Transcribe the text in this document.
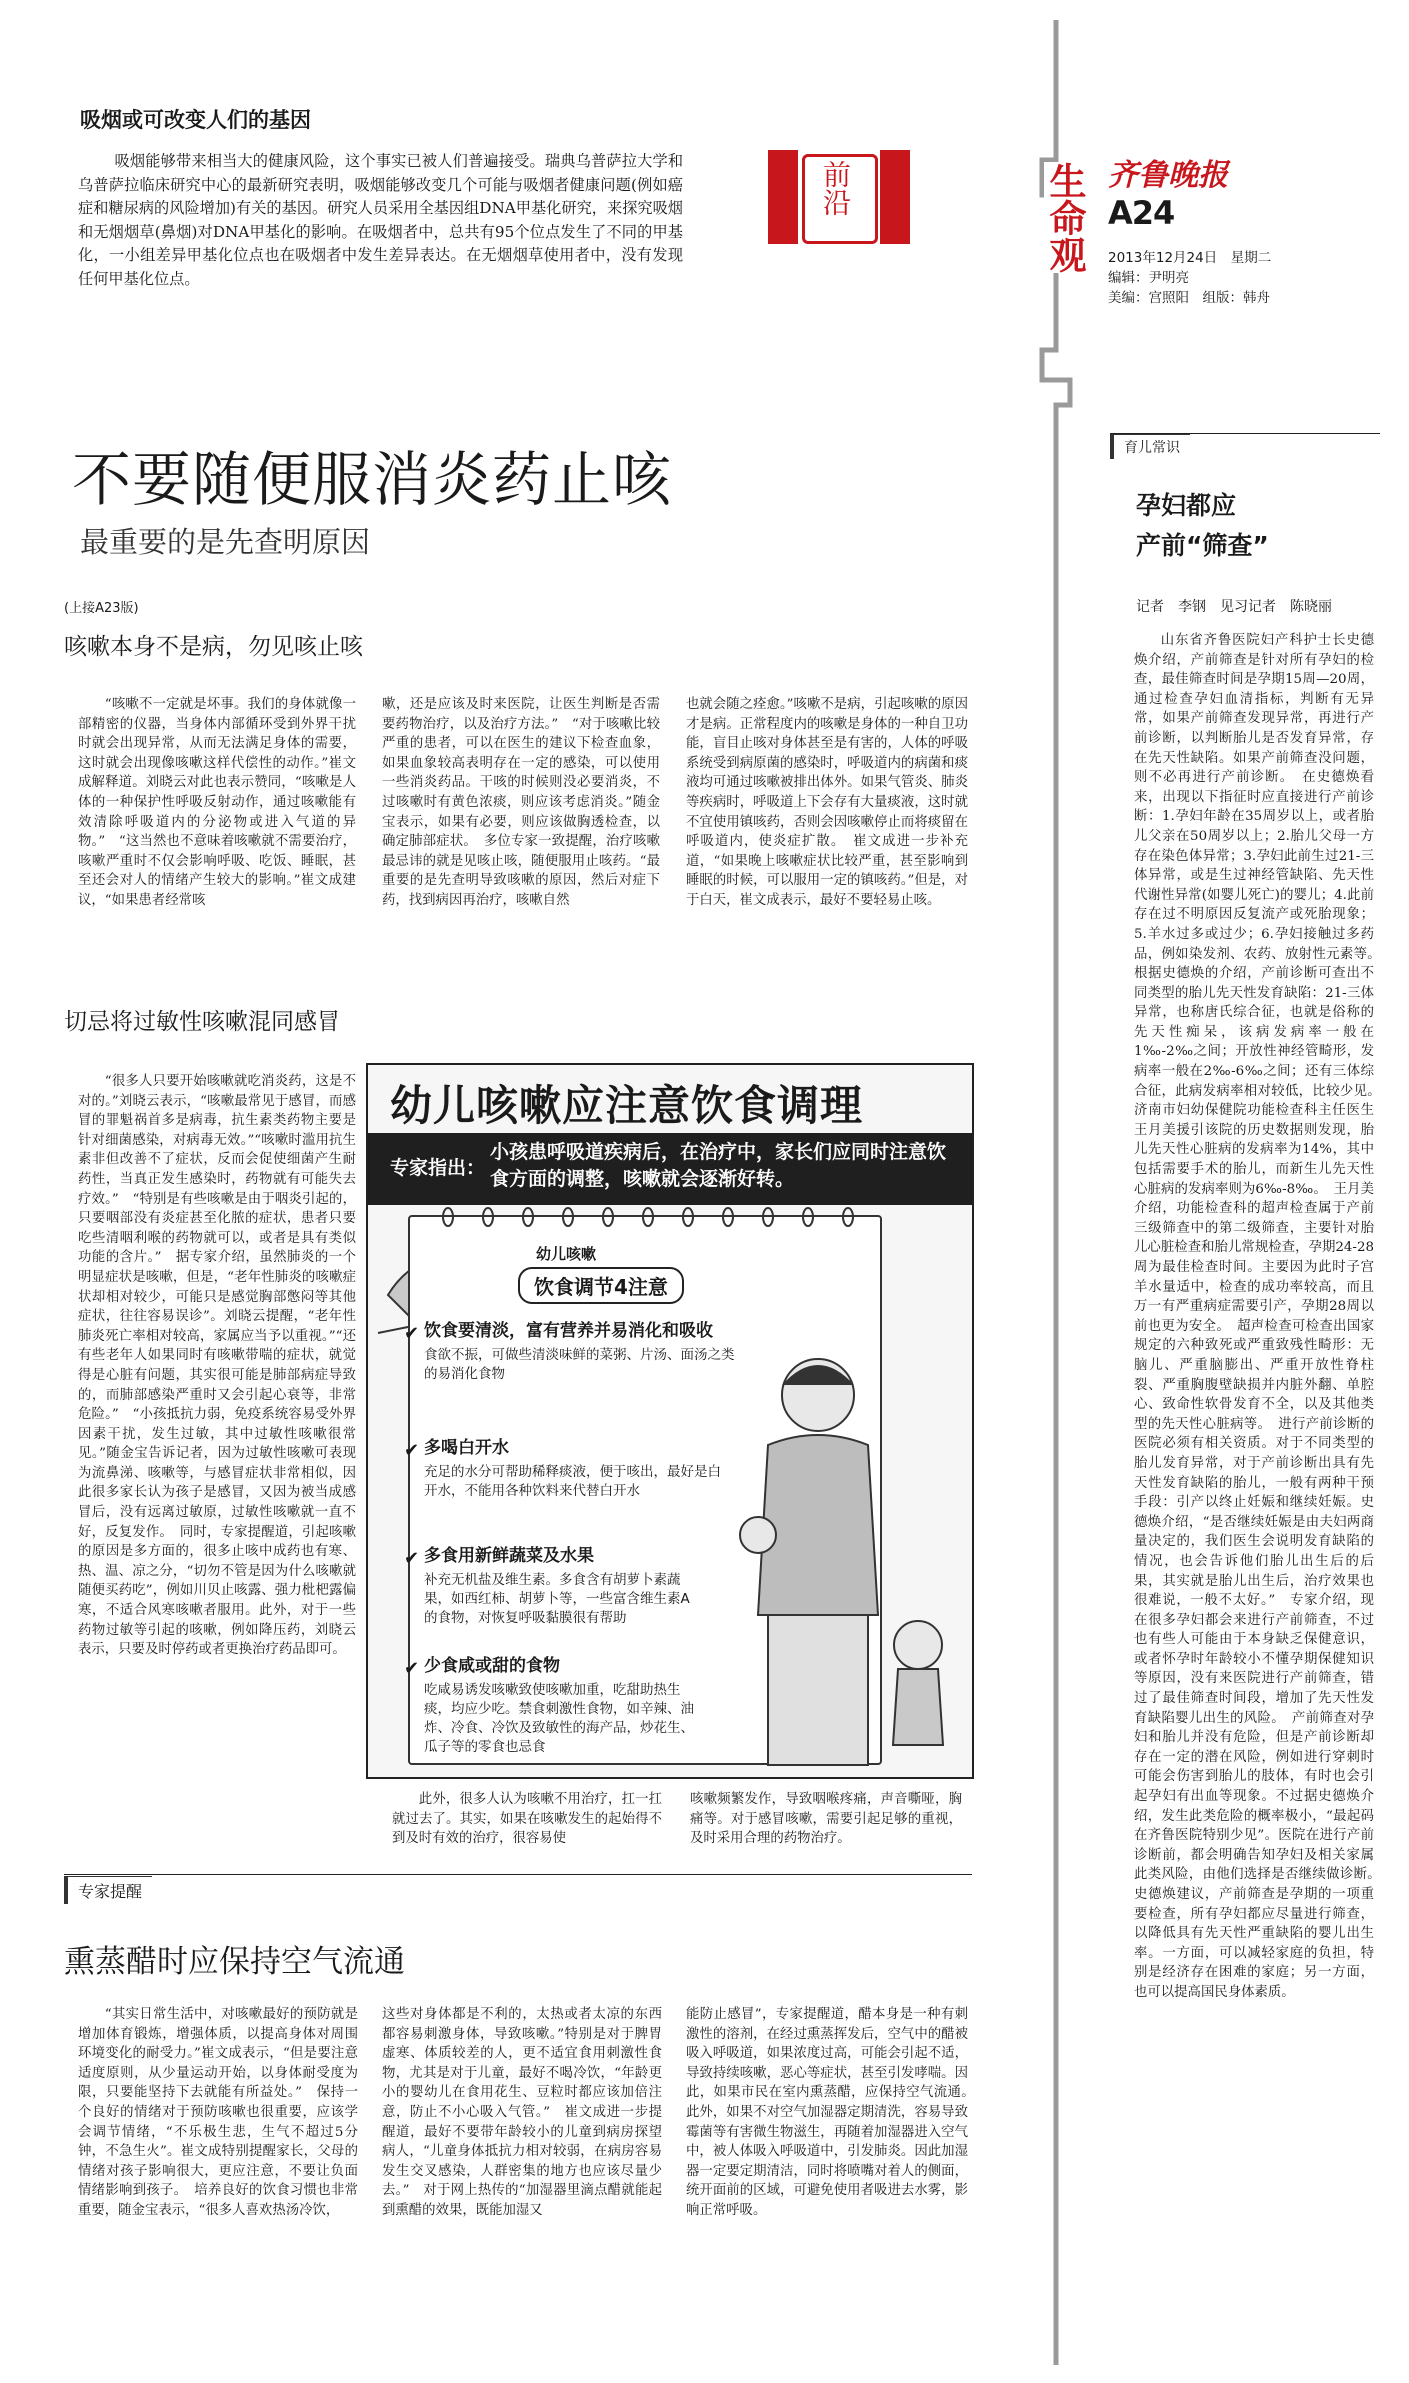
吸烟或可改变人们的基因
吸烟能够带来相当大的健康风险，这个事实已被人们普遍接受。瑞典乌普萨拉大学和乌普萨拉临床研究中心的最新研究表明，吸烟能够改变几个可能与吸烟者健康问题(例如癌症和糖尿病的风险增加)有关的基因。研究人员采用全基因组DNA甲基化研究，来探究吸烟和无烟烟草(鼻烟)对DNA甲基化的影响。在吸烟者中，总共有95个位点发生了不同的甲基化，一小组差异甲基化位点也在吸烟者中发生差异表达。在无烟烟草使用者中，没有发现任何甲基化位点。
前沿	生命观 齐鲁晚报
A24
2013年12月24日　星期二
编辑：尹明亮
美编：宫照阳　组版：韩舟
不要随便服消炎药止咳
最重要的是先查明原因
(上接A23版)
咳嗽本身不是病，勿见咳止咳
“咳嗽不一定就是坏事。我们的身体就像一部精密的仪器，当身体内部循环受到外界干扰时就会出现异常，从而无法满足身体的需要，这时就会出现像咳嗽这样代偿性的动作。”崔文成解释道。刘晓云对此也表示赞同，“咳嗽是人体的一种保护性呼吸反射动作，通过咳嗽能有效清除呼吸道内的分泌物或进入气道的异物。”　“这当然也不意味着咳嗽就不需要治疗，咳嗽严重时不仅会影响呼吸、吃饭、睡眠，甚至还会对人的情绪产生较大的影响。”崔文成建议，“如果患者经常咳
嗽，还是应该及时来医院，让医生判断是否需要药物治疗，以及治疗方法。”　“对于咳嗽比较严重的患者，可以在医生的建议下检查血象，如果血象较高表明存在一定的感染，可以使用一些消炎药品。干咳的时候则没必要消炎，不过咳嗽时有黄色浓痰，则应该考虑消炎。”随金宝表示，如果有必要，则应该做胸透检查，以确定肺部症状。　多位专家一致提醒，治疗咳嗽最忌讳的就是见咳止咳，随便服用止咳药。“最重要的是先查明导致咳嗽的原因，然后对症下药，找到病因再治疗，咳嗽自然
也就会随之痊愈。”咳嗽不是病，引起咳嗽的原因才是病。正常程度内的咳嗽是身体的一种自卫功能，盲目止咳对身体甚至是有害的，人体的呼吸系统受到病原菌的感染时，呼吸道内的病菌和痰液均可通过咳嗽被排出体外。如果气管炎、肺炎等疾病时，呼吸道上下会存有大量痰液，这时就不宜使用镇咳药，否则会因咳嗽停止而将痰留在呼吸道内，使炎症扩散。　崔文成进一步补充道，“如果晚上咳嗽症状比较严重，甚至影响到睡眠的时候，可以服用一定的镇咳药。”但是，对于白天，崔文成表示，最好不要轻易止咳。
切忌将过敏性咳嗽混同感冒
“很多人只要开始咳嗽就吃消炎药，这是不对的。”刘晓云表示，“咳嗽最常见于感冒，而感冒的罪魁祸首多是病毒，抗生素类药物主要是针对细菌感染，对病毒无效。”“咳嗽时滥用抗生素非但改善不了症状，反而会促使细菌产生耐药性，当真正发生感染时，药物就有可能失去疗效。”　“特别是有些咳嗽是由于咽炎引起的，只要咽部没有炎症甚至化脓的症状，患者只要吃些清咽利喉的药物就可以，或者是具有类似功能的含片。”　据专家介绍，虽然肺炎的一个明显症状是咳嗽，但是，“老年性肺炎的咳嗽症状却相对较少，可能只是感觉胸部憋闷等其他症状，往往容易误诊”。刘晓云提醒，“老年性肺炎死亡率相对较高，家属应当予以重视。”“还有些老年人如果同时有咳嗽带喘的症状，就觉得是心脏有问题，其实很可能是肺部病症导致的，而肺部感染严重时又会引起心衰等，非常危险。”　“小孩抵抗力弱，免疫系统容易受外界因素干扰，发生过敏，其中过敏性咳嗽很常见。”随金宝告诉记者，因为过敏性咳嗽可表现为流鼻涕、咳嗽等，与感冒症状非常相似，因此很多家长认为孩子是感冒，又因为被当成感冒后，没有远离过敏原，过敏性咳嗽就一直不好，反复发作。　同时，专家提醒道，引起咳嗽的原因是多方面的，很多止咳中成药也有寒、热、温、凉之分，“切勿不管是因为什么咳嗽就随便买药吃”，例如川贝止咳露、强力枇杷露偏寒，不适合风寒咳嗽者服用。此外，对于一些药物过敏等引起的咳嗽，例如降压药，刘晓云表示，只要及时停药或者更换治疗药品即可。
此外，很多人认为咳嗽不用治疗，扛一扛就过去了。其实，如果在咳嗽发生的起始得不到及时有效的治疗，很容易使
咳嗽频繁发作，导致咽喉疼痛，声音嘶哑，胸痛等。对于感冒咳嗽，需要引起足够的重视，及时采用合理的药物治疗。
幼儿咳嗽应注意饮食调理
专家指出：
小孩患呼吸道疾病后，在治疗中，家长们应同时注意饮食方面的调整，咳嗽就会逐渐好转。
幼儿咳嗽
饮食调节4注意
饮食要清淡，富有营养并易消化和吸收
食欲不振，可做些清淡味鲜的菜粥、片汤、面汤之类的易消化食物
多喝白开水
充足的水分可帮助稀释痰液，便于咳出，最好是白开水，不能用各种饮料来代替白开水
多食用新鲜蔬菜及水果
补充无机盐及维生素。多食含有胡萝卜素蔬果，如西红柿、胡萝卜等，一些富含维生素A的食物，对恢复呼吸黏膜很有帮助
少食咸或甜的食物
吃咸易诱发咳嗽致使咳嗽加重，吃甜助热生痰，均应少吃。禁食刺激性食物，如辛辣、油炸、冷食、冷饮及致敏性的海产品，炒花生、瓜子等的零食也忌食
✔
✔
✔
✔
专家提醒
熏蒸醋时应保持空气流通
“其实日常生活中，对咳嗽最好的预防就是增加体育锻炼，增强体质，以提高身体对周围环境变化的耐受力。”崔文成表示，“但是要注意适度原则，从少量运动开始，以身体耐受度为限，只要能坚持下去就能有所益处。”　保持一个良好的情绪对于预防咳嗽也很重要，应该学会调节情绪，“不乐极生悲，生气不超过5分钟，不急生火”。崔文成特别提醒家长，父母的情绪对孩子影响很大，更应注意，不要让负面情绪影响到孩子。　培养良好的饮食习惯也非常重要，随金宝表示，“很多人喜欢热汤冷饮，
这些对身体都是不利的，太热或者太凉的东西都容易刺激身体，导致咳嗽。”特别是对于脾胃虚寒、体质较差的人，更不适宜食用刺激性食物，尤其是对于儿童，最好不喝冷饮，“年龄更小的婴幼儿在食用花生、豆粒时都应该加倍注意，防止不小心吸入气管。”　崔文成进一步提醒道，最好不要带年龄较小的儿童到病房探望病人，“儿童身体抵抗力相对较弱，在病房容易发生交叉感染，人群密集的地方也应该尽量少去。”　对于网上热传的“加湿器里滴点醋就能起到熏醋的效果，既能加湿又
能防止感冒”，专家提醒道，醋本身是一种有刺激性的溶剂，在经过熏蒸挥发后，空气中的醋被吸入呼吸道，如果浓度过高，可能会引起不适，导致持续咳嗽，恶心等症状，甚至引发哮喘。因此，如果市民在室内熏蒸醋，应保持空气流通。　此外，如果不对空气加湿器定期清洗，容易导致霉菌等有害微生物滋生，再随着加湿器进入空气中，被人体吸入呼吸道中，引发肺炎。因此加湿器一定要定期清洁，同时将喷嘴对着人的侧面，统开面前的区域，可避免使用者吸进去水雾，影响正常呼吸。
育儿常识
孕妇都应
产前“筛查”
记者　李钢　见习记者　陈晓丽
山东省齐鲁医院妇产科护士长史德焕介绍，产前筛查是针对所有孕妇的检查，最佳筛查时间是孕期15周—20周，通过检查孕妇血清指标，判断有无异常，如果产前筛查发现异常，再进行产前诊断，以判断胎儿是否发育异常，存在先天性缺陷。如果产前筛查没问题，则不必再进行产前诊断。　在史德焕看来，出现以下指征时应直接进行产前诊断：1.孕妇年龄在35周岁以上，或者胎儿父亲在50周岁以上；2.胎儿父母一方存在染色体异常；3.孕妇此前生过21-三体异常，或是生过神经管缺陷、先天性代谢性异常(如婴儿死亡)的婴儿；4.此前存在过不明原因反复流产或死胎现象；5.羊水过多或过少；6.孕妇接触过多药品，例如染发剂、农药、放射性元素等。　根据史德焕的介绍，产前诊断可查出不同类型的胎儿先天性发育缺陷：21-三体异常，也称唐氏综合征，也就是俗称的先天性痴呆，该病发病率一般在1‰-2‰之间；开放性神经管畸形，发病率一般在2‰-6‰之间；还有三体综合征，此病发病率相对较低，比较少见。　济南市妇幼保健院功能检查科主任医生王月美援引该院的历史数据则发现，胎儿先天性心脏病的发病率为14%，其中包括需要手术的胎儿，而新生儿先天性心脏病的发病率则为6‰-8‰。　王月美介绍，功能检查科的超声检查属于产前三级筛查中的第二级筛查，主要针对胎儿心脏检查和胎儿常规检查，孕期24-28周为最佳检查时间。主要因为此时子宫羊水量适中，检查的成功率较高，而且万一有严重病症需要引产，孕期28周以前也更为安全。　超声检查可检查出国家规定的六种致死或严重致残性畸形：无脑儿、严重脑膨出、严重开放性脊柱裂、严重胸腹壁缺损并内脏外翻、单腔心、致命性软骨发育不全，以及其他类型的先天性心脏病等。　进行产前诊断的医院必须有相关资质。对于不同类型的胎儿发育异常，对于产前诊断出具有先天性发育缺陷的胎儿，一般有两种干预手段：引产以终止妊娠和继续妊娠。史德焕介绍，“是否继续妊娠是由夫妇两商量决定的，我们医生会说明发育缺陷的情况，也会告诉他们胎儿出生后的后果，其实就是胎儿出生后，治疗效果也很难说，一般不太好。”　专家介绍，现在很多孕妇都会来进行产前筛查，不过也有些人可能由于本身缺乏保健意识，或者怀孕时年龄较小不懂孕期保健知识等原因，没有来医院进行产前筛查，错过了最佳筛查时间段，增加了先天性发育缺陷婴儿出生的风险。　产前筛查对孕妇和胎儿并没有危险，但是产前诊断却存在一定的潜在风险，例如进行穿刺时可能会伤害到胎儿的肢体，有时也会引起孕妇有出血等现象。不过据史德焕介绍，发生此类危险的概率极小，“最起码在齐鲁医院特别少见”。医院在进行产前诊断前，都会明确告知孕妇及相关家属此类风险，由他们选择是否继续做诊断。　史德焕建议，产前筛查是孕期的一项重要检查，所有孕妇都应尽量进行筛查，以降低具有先天性严重缺陷的婴儿出生率。一方面，可以减轻家庭的负担，特别是经济存在困难的家庭；另一方面，也可以提高国民身体素质。
